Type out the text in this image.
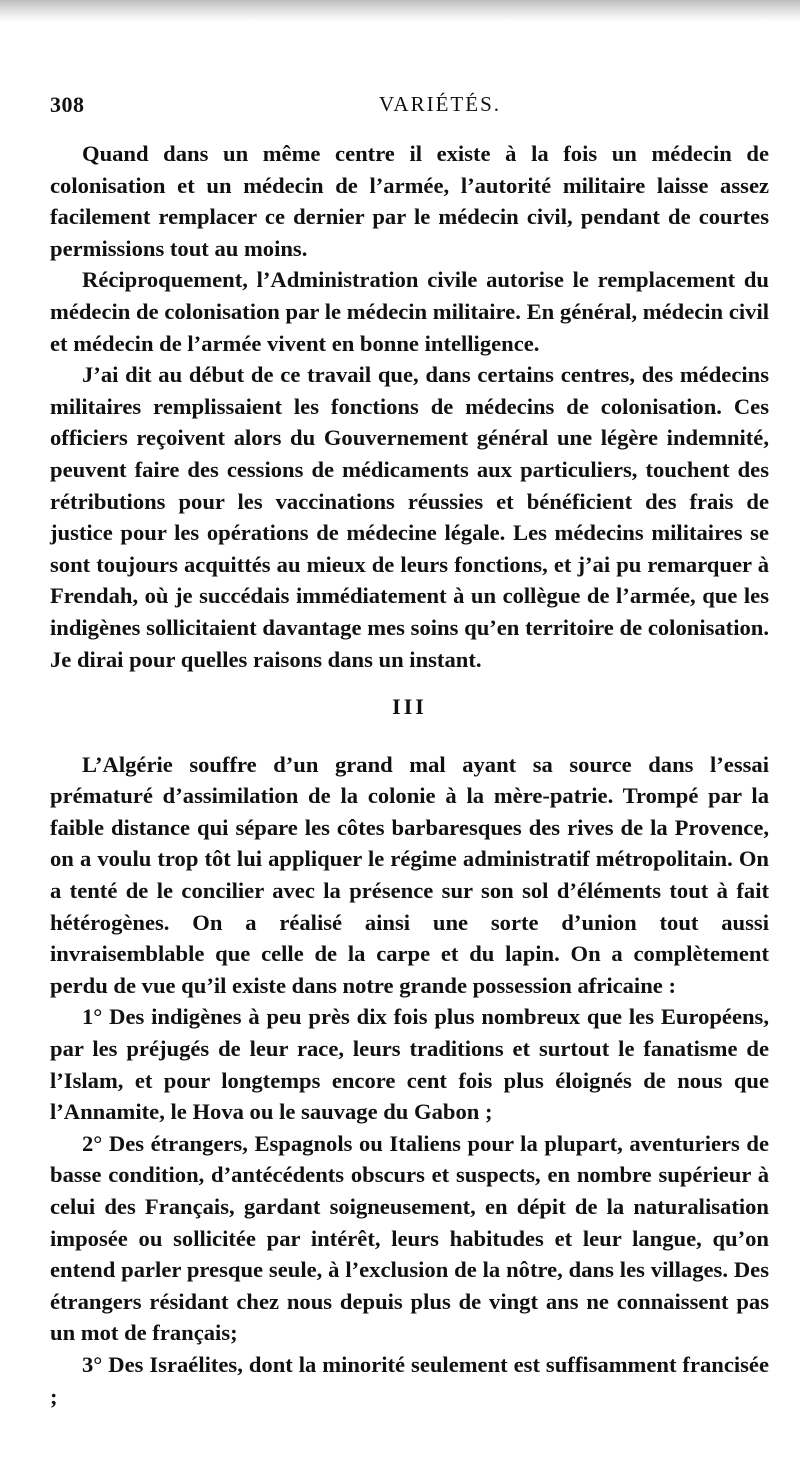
308	VARIÉTÉS.

Quand dans un même centre il existe à la fois un médecin de colonisation et un médecin de l’armée, l’autorité militaire laisse assez facilement remplacer ce dernier par le médecin civil, pendant de courtes permissions tout au moins.

Réciproquement, l’Administration civile autorise le remplacement du médecin de colonisation par le médecin militaire. En général, médecin civil et médecin de l’armée vivent en bonne intelligence.

J’ai dit au début de ce travail que, dans certains centres, des médecins militaires remplissaient les fonctions de médecins de colonisation. Ces officiers reçoivent alors du Gouvernement général une légère indemnité, peuvent faire des cessions de médicaments aux particuliers, touchent des rétributions pour les vaccinations réussies et bénéficient des frais de justice pour les opérations de médecine légale. Les médecins militaires se sont toujours acquittés au mieux de leurs fonctions, et j’ai pu remarquer à Frendah, où je succédais immédiatement à un collègue de l’armée, que les indigènes sollicitaient davantage mes soins qu’en territoire de colonisation. Je dirai pour quelles raisons dans un instant.

III

L’Algérie souffre d’un grand mal ayant sa source dans l’essai prématuré d’assimilation de la colonie à la mère-patrie. Trompé par la faible distance qui sépare les côtes barbaresques des rives de la Provence, on a voulu trop tôt lui appliquer le régime administratif métropolitain. On a tenté de le concilier avec la présence sur son sol d’éléments tout à fait hétérogènes. On a réalisé ainsi une sorte d’union tout aussi invraisemblable que celle de la carpe et du lapin. On a complètement perdu de vue qu’il existe dans notre grande possession africaine :

1° Des indigènes à peu près dix fois plus nombreux que les Européens, par les préjugés de leur race, leurs traditions et surtout le fanatisme de l’Islam, et pour longtemps encore cent fois plus éloignés de nous que l’Annamite, le Hova ou le sauvage du Gabon ;

2° Des étrangers, Espagnols ou Italiens pour la plupart, aventuriers de basse condition, d’antécédents obscurs et suspects, en nombre supérieur à celui des Français, gardant soigneusement, en dépit de la naturalisation imposée ou sollicitée par intérêt, leurs habitudes et leur langue, qu’on entend parler presque seule, à l’exclusion de la nôtre, dans les villages. Des étrangers résidant chez nous depuis plus de vingt ans ne connaissent pas un mot de français;

3° Des Israélites, dont la minorité seulement est suffisamment francisée ;
